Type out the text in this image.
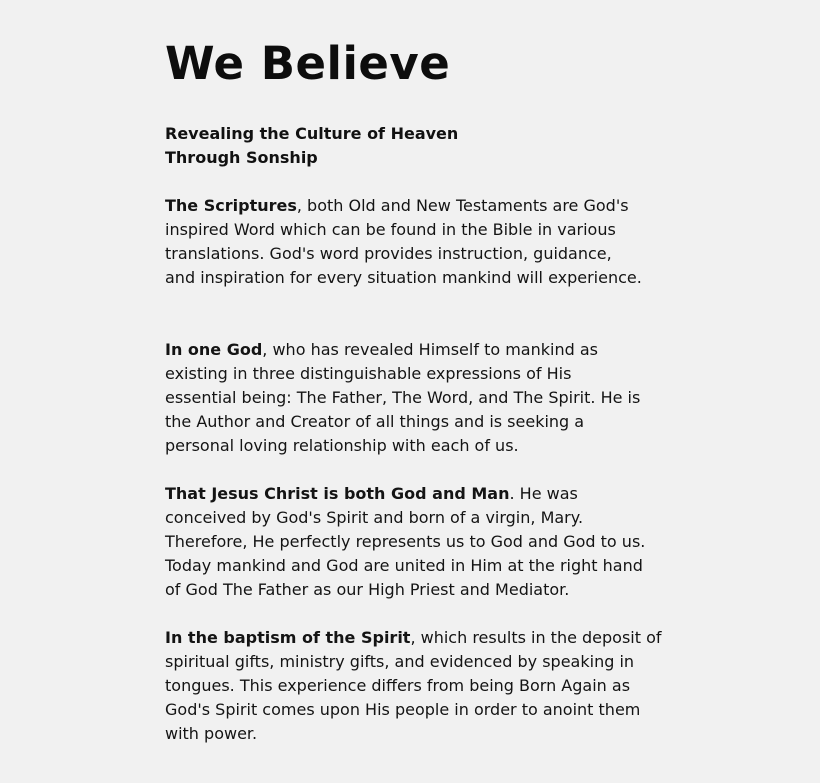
We Believe
Revealing the Culture of Heaven
Through Sonship

The Scriptures, both Old and New Testaments are God's inspired Word which can be found in the Bible in various translations. God's word provides instruction, guidance, and inspiration for every situation mankind will experience.

In one God, who has revealed Himself to mankind as existing in three distinguishable expressions of His essential being: The Father, The Word, and The Spirit. He is the Author and Creator of all things and is seeking a personal loving relationship with each of us.

That Jesus Christ is both God and Man. He was conceived by God's Spirit and born of a virgin, Mary. Therefore, He perfectly represents us to God and God to us. Today mankind and God are united in Him at the right hand of God The Father as our High Priest and Mediator.

In the baptism of the Spirit, which results in the deposit of spiritual gifts, ministry gifts, and evidenced by speaking in tongues. This experience differs from being Born Again as God's Spirit comes upon His people in order to anoint them with power.
